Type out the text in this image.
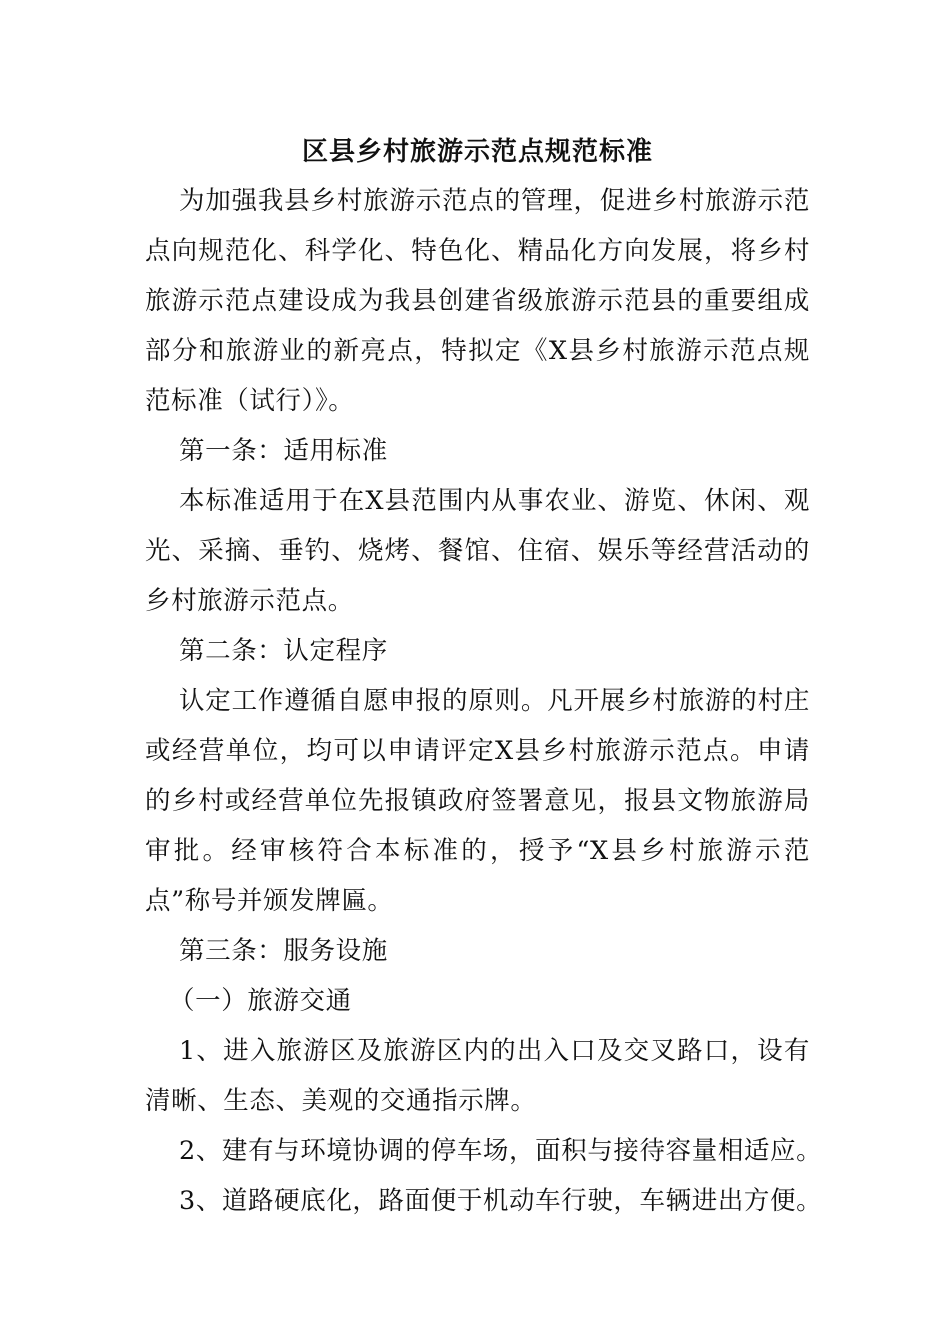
区县乡村旅游示范点规范标准

为加强我县乡村旅游示范点的管理，促进乡村旅游示范点向规范化、科学化、特色化、精品化方向发展，将乡村旅游示范点建设成为我县创建省级旅游示范县的重要组成部分和旅游业的新亮点，特拟定《X县乡村旅游示范点规范标准（试行）》。

第一条：适用标准

本标准适用于在X县范围内从事农业、游览、休闲、观光、采摘、垂钓、烧烤、餐馆、住宿、娱乐等经营活动的乡村旅游示范点。

第二条：认定程序

认定工作遵循自愿申报的原则。凡开展乡村旅游的村庄或经营单位，均可以申请评定X县乡村旅游示范点。申请的乡村或经营单位先报镇政府签署意见，报县文物旅游局审批。经审核符合本标准的，授予“X县乡村旅游示范点”称号并颁发牌匾。

第三条：服务设施

（一）旅游交通

1、进入旅游区及旅游区内的出入口及交叉路口，设有清晰、生态、美观的交通指示牌。

2、建有与环境协调的停车场，面积与接待容量相适应。

3、道路硬底化，路面便于机动车行驶，车辆进出方便。
